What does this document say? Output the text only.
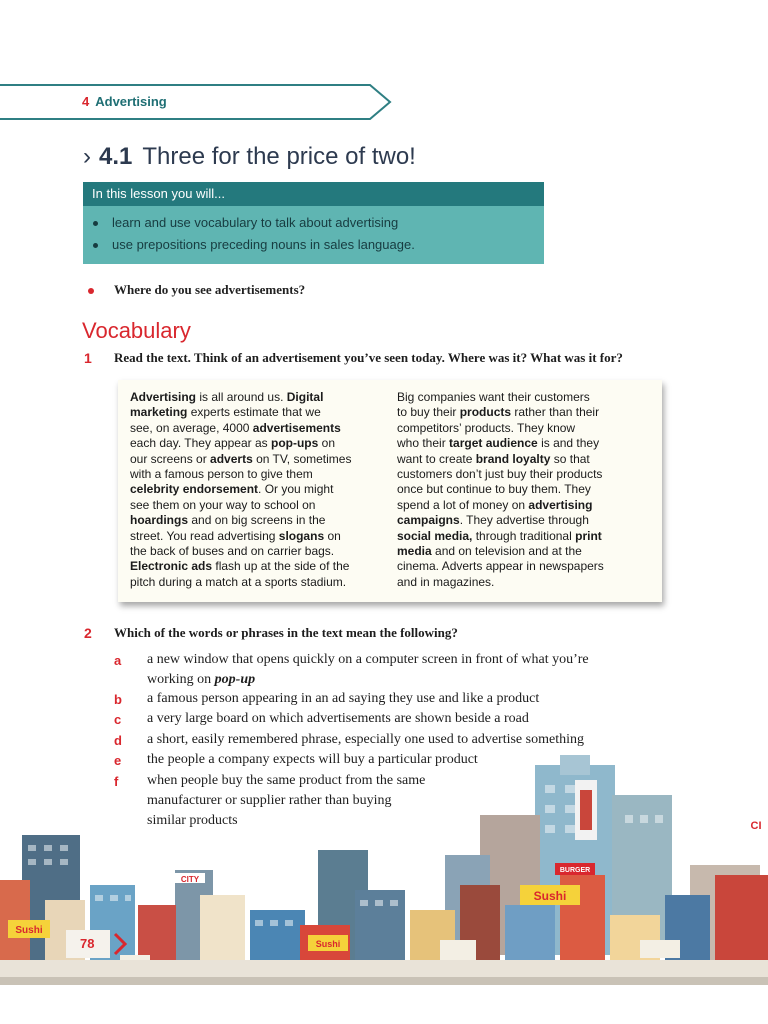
4 Advertising
› 4.1 Three for the price of two!
In this lesson you will...
learn and use vocabulary to talk about advertising
use prepositions preceding nouns in sales language.
Where do you see advertisements?
Vocabulary
1 Read the text. Think of an advertisement you’ve seen today. Where was it? What was it for?
Advertising is all around us. Digital
marketing experts estimate that we
see, on average, 4000 advertisements
each day. They appear as pop-ups on
our screens or adverts on TV, sometimes
with a famous person to give them
celebrity endorsement. Or you might
see them on your way to school on
hoardings and on big screens in the
street. You read advertising slogans on
the back of buses and on carrier bags.
Electronic ads flash up at the side of the
pitch during a match at a sports stadium.
Big companies want their customers
to buy their products rather than their
competitors’ products. They know
who their target audience is and they
want to create brand loyalty so that
customers don’t just buy their products
once but continue to buy them. They
spend a lot of money on advertising
campaigns. They advertise through
social media, through traditional print
media and on television and at the
cinema. Adverts appear in newspapers
and in magazines.
2 Which of the words or phrases in the text mean the following?
a a new window that opens quickly on a computer screen in front of what you’re
working on pop-up
b a famous person appearing in an ad saying they use and like a product
c a very large board on which advertisements are shown beside a road
d a short, easily remembered phrase, especially one used to advertise something
e the people a company expects will buy a particular product
f when people buy the same product from the same
manufacturer or supplier rather than buying
similar products
CITY
Sushi
Sushi
Sushi
BURGER
CI
78
